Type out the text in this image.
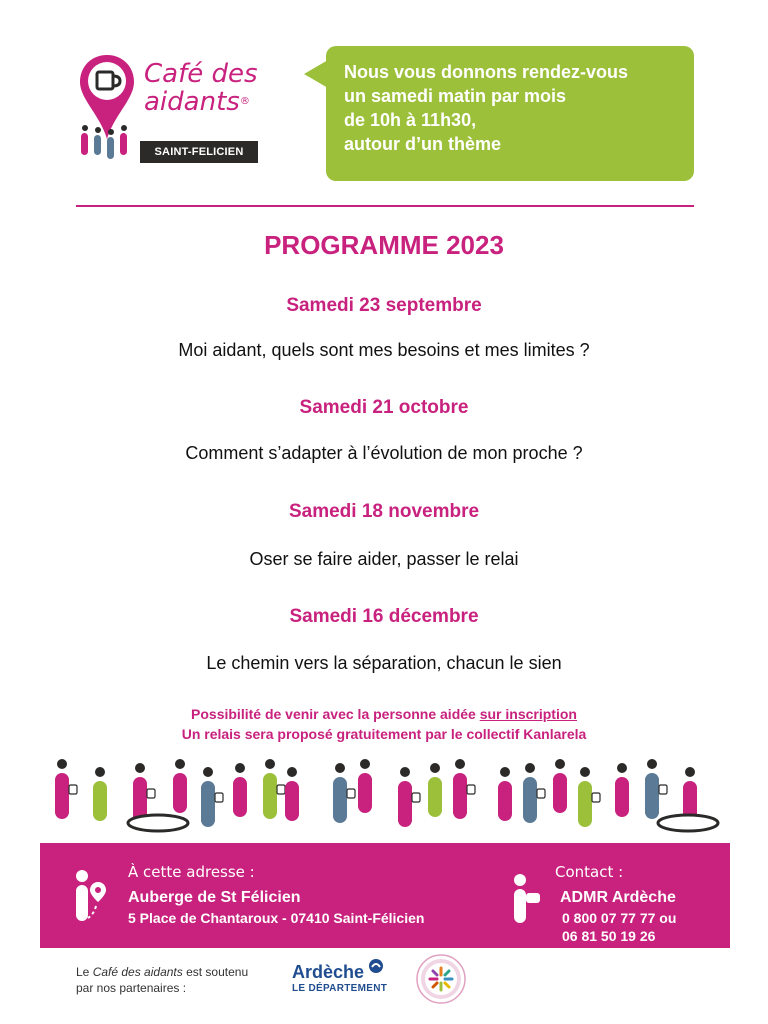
Café des
aidants®
SAINT-FELICIEN
Nous vous donnons rendez-vous
un samedi matin par mois
de 10h à 11h30,
autour d’un thème
PROGRAMME 2023
Samedi 23 septembre
Moi aidant, quels sont mes besoins et mes limites ?
Samedi 21 octobre
Comment s’adapter à l’évolution de mon proche ?
Samedi 18 novembre
Oser se faire aider, passer le relai
Samedi 16 décembre
Le chemin vers la séparation, chacun le sien
Possibilité de venir avec la personne aidée sur inscription
Un relais sera proposé gratuitement par le collectif Kanlarela
À cette adresse :
Auberge de St Félicien
5 Place de Chantaroux - 07410 Saint-Félicien
Contact :
ADMR Ardèche
0 800 07 77 77 ou
06 81 50 19 26
Le Café des aidants est soutenu
par nos partenaires :
Ardèche
LE DÉPARTEMENT
